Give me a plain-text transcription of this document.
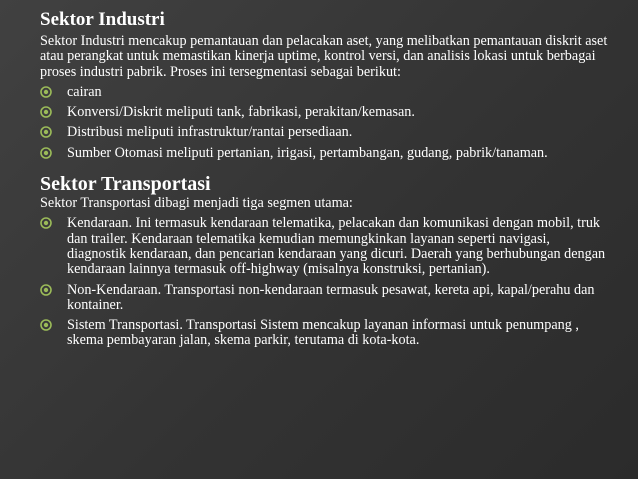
Sektor Industri

Sektor Industri mencakup pemantauan dan pelacakan aset, yang melibatkan pemantauan diskrit aset atau perangkat untuk memastikan kinerja uptime, kontrol versi, dan analisis lokasi untuk berbagai proses industri pabrik. Proses ini tersegmentasi sebagai berikut:

cairan
Konversi/Diskrit meliputi tank, fabrikasi, perakitan/kemasan.
Distribusi meliputi infrastruktur/rantai persediaan.
Sumber Otomasi meliputi pertanian, irigasi, pertambangan, gudang, pabrik/tanaman.
Sektor Transportasi

Sektor Transportasi dibagi menjadi tiga segmen utama:

Kendaraan. Ini termasuk kendaraan telematika, pelacakan dan komunikasi dengan mobil, truk dan trailer. Kendaraan telematika kemudian memungkinkan layanan seperti navigasi, diagnostik kendaraan, dan pencarian kendaraan yang dicuri. Daerah yang berhubungan dengan kendaraan lainnya termasuk off-highway (misalnya konstruksi, pertanian).
Non-Kendaraan. Transportasi non-kendaraan termasuk pesawat, kereta api, kapal/perahu dan kontainer.
Sistem Transportasi. Transportasi Sistem mencakup layanan informasi untuk penumpang , skema pembayaran jalan, skema parkir, terutama di kota-kota.
